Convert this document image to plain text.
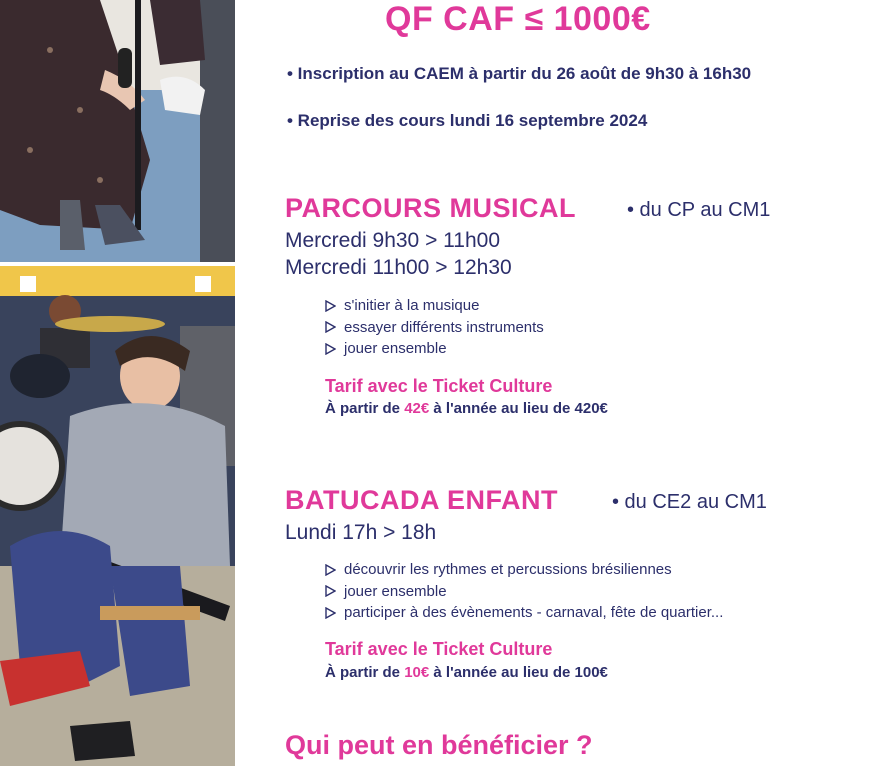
QF CAF ≤ 1000€

• Inscription au CAEM à partir du 26 août de 9h30 à 16h30

• Reprise des cours lundi 16 septembre 2024

PARCOURS MUSICAL	• du CP au CM1

Mercredi 9h30 > 11h00

Mercredi 11h00 > 12h30

s'initier à la musique
essayer différents instruments
jouer ensemble

Tarif avec le Ticket Culture

À partir de 42€ à l'année au lieu de 420€

BATUCADA ENFANT	• du CE2 au CM1

Lundi 17h > 18h

découvrir les rythmes et percussions brésiliennes
jouer ensemble
participer à des évènements - carnaval, fête de quartier...

Tarif avec le Ticket Culture

À partir de 10€ à l'année au lieu de 100€

Qui peut en bénéficier ?
